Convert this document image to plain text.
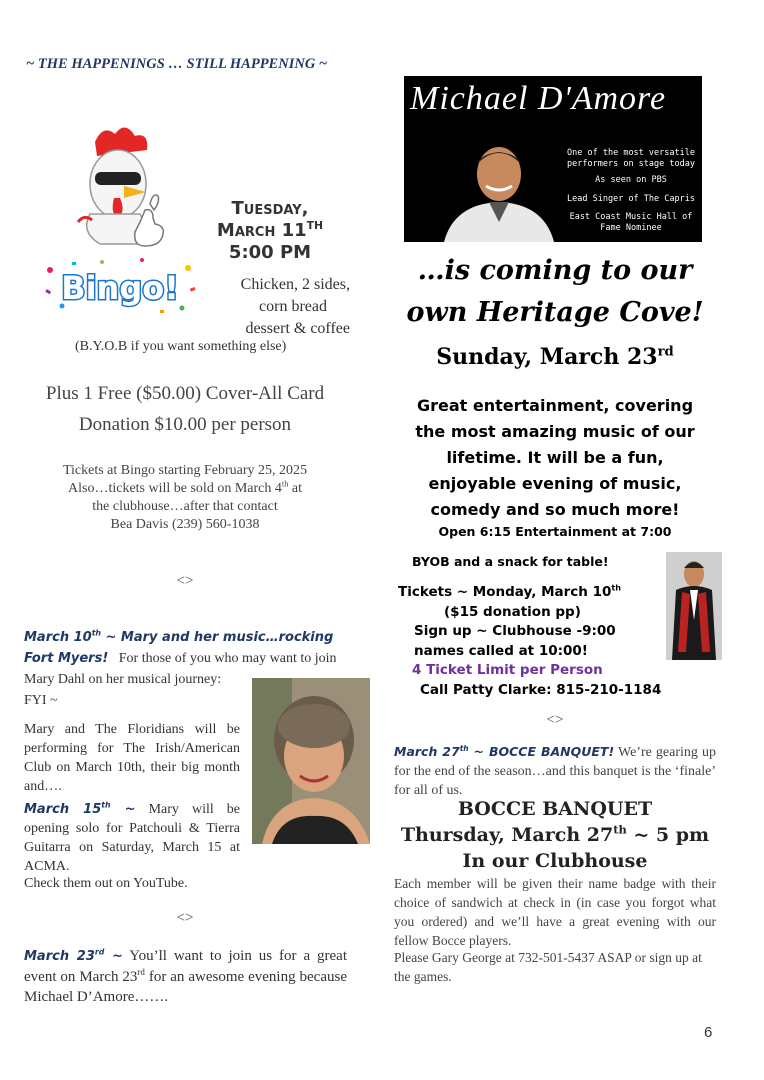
~ THE HAPPENINGS … STILL HAPPENING ~
Bingo!
Tuesday,
March 11TH
5:00 PM
Chicken, 2 sides,
corn bread
dessert & coffee
(B.Y.O.B if you want something else)
Plus 1 Free ($50.00) Cover-All Card
Donation $10.00 per person
Tickets at Bingo starting February 25, 2025
Also…tickets will be sold on March 4th at
the clubhouse…after that contact
Bea Davis (239) 560-1038
<>
March 10th ~ Mary and her music…rocking
Fort Myers! For those of you who may want to join
Mary Dahl on her musical journey:
FYI ~
Mary and The Floridians will be performing for The Irish/American Club on March 10th, their big month and….
March 15th ~ Mary will be opening solo for Patchouli & Tierra Guitarra on Saturday, March 15 at ACMA.
Check them out on YouTube.
<>
March 23rd ~ You’ll want to join us for a great event on March 23rd for an awesome evening because Michael D’Amore…….
Michael D'Amore
One of the most versatile
performers on stage today
As seen on PBS
Lead Singer of The Capris
East Coast Music Hall of
Fame Nominee
…is coming to our
own Heritage Cove!
Sunday, March 23rd
Great entertainment, covering
the most amazing music of our
lifetime. It will be a fun,
enjoyable evening of music,
comedy and so much more!
Open 6:15 Entertainment at 7:00
BYOB and a snack for table!
Tickets ~ Monday, March 10th
($15 donation pp)
Sign up ~ Clubhouse -9:00
names called at 10:00!
4 Ticket Limit per Person
Call Patty Clarke: 815-210-1184
<>
March 27th ~ BOCCE BANQUET! We’re gearing up for the end of the season…and this banquet is the ‘finale’ for all of us.
BOCCE BANQUET
Thursday, March 27th ~ 5 pm
In our Clubhouse
Each member will be given their name badge with their choice of sandwich at check in (in case you forgot what you ordered) and we’ll have a great evening with our fellow Bocce players.
Please Gary George at 732-501-5437 ASAP or sign up at the games.
6
